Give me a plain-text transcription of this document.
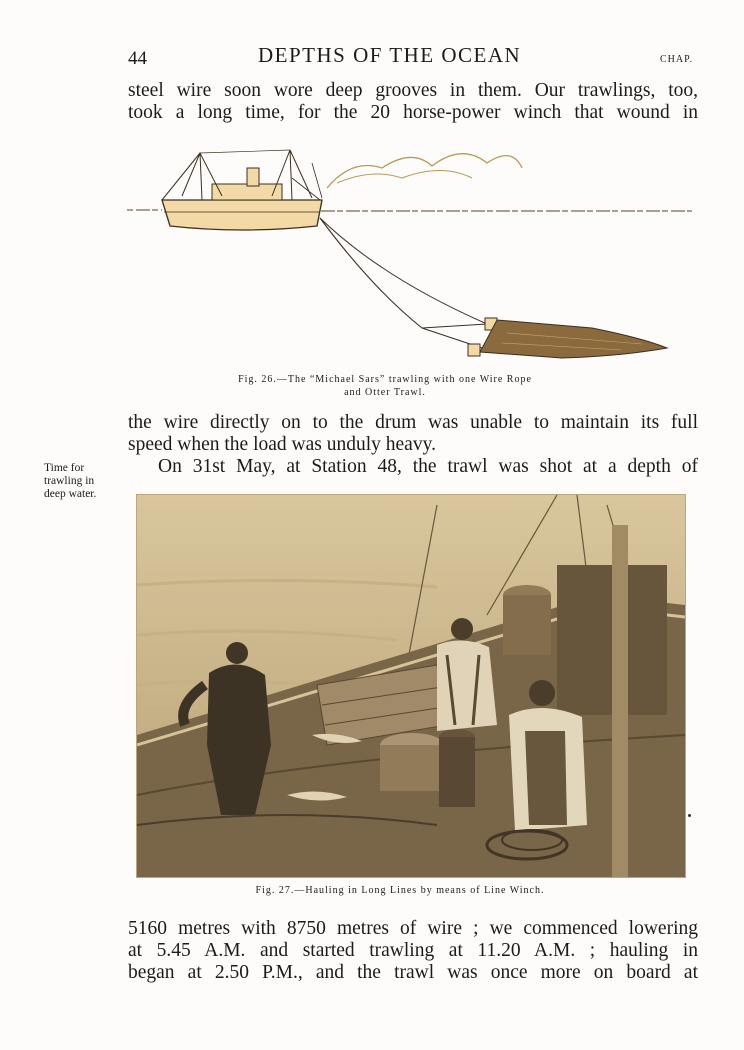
44	DEPTHS OF THE OCEAN	CHAP.
steel wire soon wore deep grooves in them. Our trawlings, too,
took a long time, for the 20 horse-power winch that wound in
Fig. 26.—The “Michael Sars” trawling with one Wire Rope
and Otter Trawl.
the wire directly on to the drum was unable to maintain its full
speed when the load was unduly heavy.
On 31st May, at Station 48, the trawl was shot at a depth of
Time for
trawling in
deep water.
Fig. 27.—Hauling in Long Lines by means of Line Winch.
5160 metres with 8750 metres of wire ; we commenced lowering
at 5.45 A.M. and started trawling at 11.20 A.M. ; hauling in
began at 2.50 P.M., and the trawl was once more on board at
